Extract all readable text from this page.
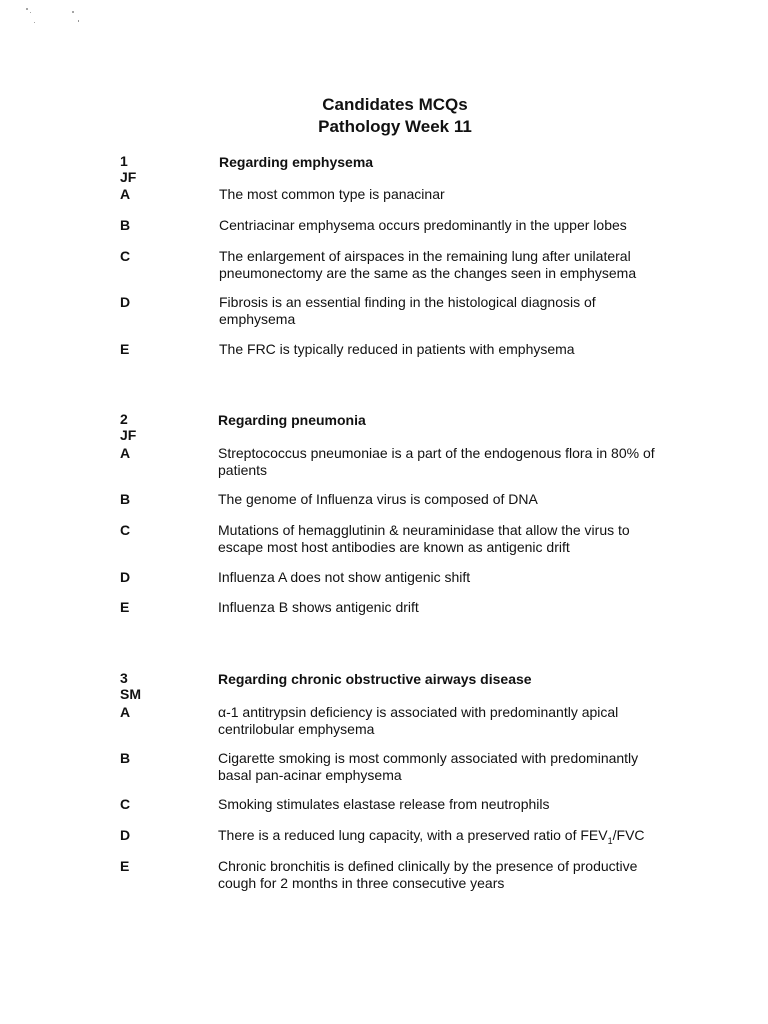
Candidates MCQs
Pathology Week 11
1
JF
Regarding emphysema
A	The most common type is panacinar
B	Centriacinar emphysema occurs predominantly in the upper lobes
C	The enlargement of airspaces in the remaining lung after unilateral pneumonectomy are the same as the changes seen in emphysema
D	Fibrosis is an essential finding in the histological diagnosis of emphysema
E	The FRC is typically reduced in patients with emphysema
2
JF
Regarding pneumonia
A	Streptococcus pneumoniae is a part of the endogenous flora in 80% of patients
B	The genome of Influenza virus is composed of DNA
C	Mutations of hemagglutinin & neuraminidase that allow the virus to escape most host antibodies are known as antigenic drift
D	Influenza A does not show antigenic shift
E	Influenza B shows antigenic drift
3
SM
Regarding chronic obstructive airways disease
A	α-1 antitrypsin deficiency is associated with predominantly apical centrilobular emphysema
B	Cigarette smoking is most commonly associated with predominantly basal pan-acinar emphysema
C	Smoking stimulates elastase release from neutrophils
D	There is a reduced lung capacity, with a preserved ratio of $FEV_1$/FVC
E	Chronic bronchitis is defined clinically by the presence of productive cough for 2 months in three consecutive years
